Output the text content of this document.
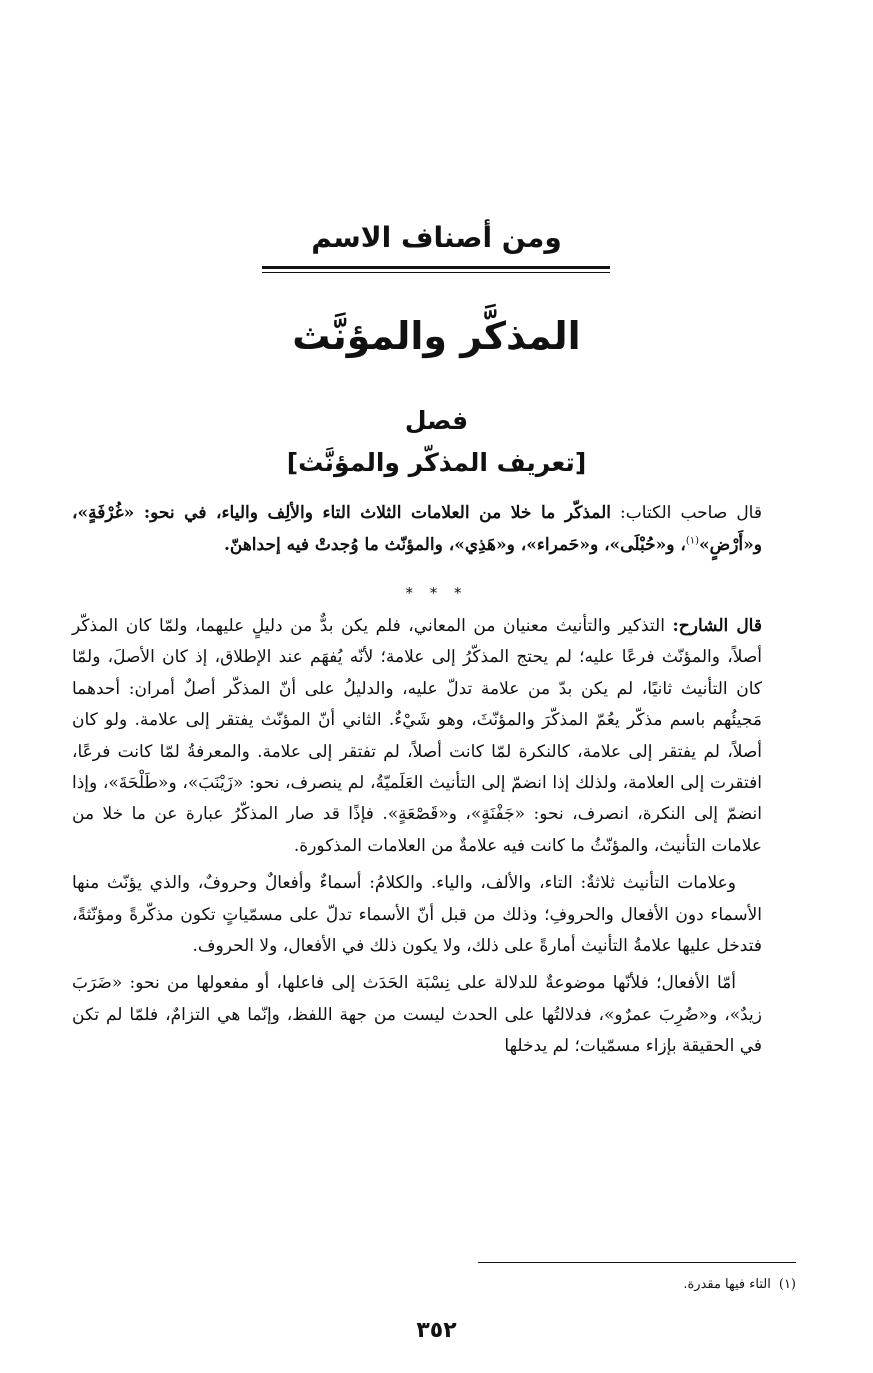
ومن أصناف الاسم
المذكَّر والمؤنَّث
فصل
[تعريف المذكّر والمؤنَّث]

قال صاحب الكتاب: المذكّر ما خلا من العلامات الثلاث التاء والألِف والياء، في نحو: «غُرْفَةٍ»، و«أَرْضٍ»$^{(١)}$، و«حُبْلَى»، و«حَمراء»، و«هَذِي»، والمؤنّث ما وُجدتْ فيه إحداهنّ.

* * *

قال الشارح: التذكير والتأنيث معنيان من المعاني، فلم يكن بدٌّ من دليلٍ عليهما، ولمّا كان المذكّر أصلاً، والمؤنّث فرعًا عليه؛ لم يحتج المذكّرُ إلى علامة؛ لأنّه يُفهَم عند الإطلاق، إذ كان الأصلَ، ولمّا كان التأنيث ثانيًا، لم يكن بدّ من علامة تدلّ عليه، والدليلُ على أنّ المذكّر أصلٌ أمران: أحدهما مَجيئُهم باسم مذكّر يعُمّ المذكّرَ والمؤنّثَ، وهو شَيْءٌ. الثاني أنّ المؤنّث يفتقر إلى علامة. ولو كان أصلاً، لم يفتقر إلى علامة، كالنكرة لمّا كانت أصلاً، لم تفتقر إلى علامة. والمعرفةُ لمّا كانت فرعًا، افتقرت إلى العلامة، ولذلك إذا انضمّ إلى التأنيث العَلَميّةُ، لم ينصرف، نحو: «زَيْنَبَ»، و«طَلْحَةَ»، وإذا انضمّ إلى النكرة، انصرف، نحو: «جَفْنَةٍ»، و«قَصْعَةٍ». فإذًا قد صار المذكّرُ عبارة عن ما خلا من علامات التأنيث، والمؤنّثُ ما كانت فيه علامةٌ من العلامات المذكورة.

وعلامات التأنيث ثلاثةٌ: التاء، والألف، والياء. والكلامُ: أسماءٌ وأفعالٌ وحروفٌ، والذي يؤنّث منها الأسماء دون الأفعال والحروفِ؛ وذلك من قبل أنّ الأسماء تدلّ على مسمّياتٍ تكون مذكّرةً ومؤنّثةً، فتدخل عليها علامةُ التأنيث أمارةً على ذلك، ولا يكون ذلك في الأفعال، ولا الحروف.

أمّا الأفعال؛ فلأنّها موضوعةٌ للدلالة على نِسْبَة الحَدَث إلى فاعلها، أو مفعولها من نحو: «ضَرَبَ زيدٌ»، و«ضُرِبَ عمرٌو»، فدلالتُها على الحدث ليست من جهة اللفظ، وإنّما هي التزامٌ، فلمّا لم تكن في الحقيقة بإزاء مسمّيات؛ لم يدخلها

(١)التاء فيها مقدرة.

٣٥٢
